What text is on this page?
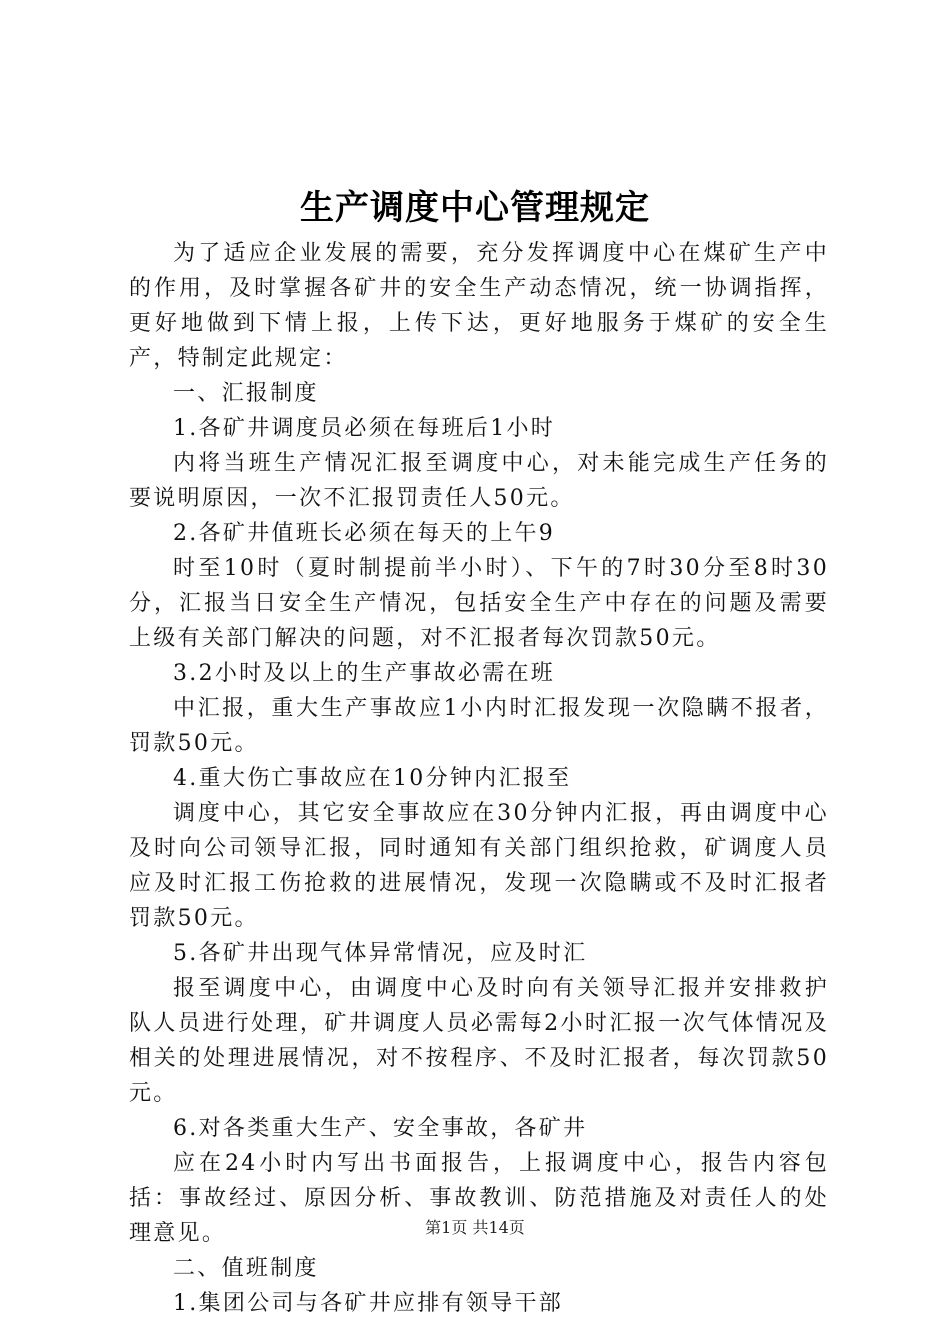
生产调度中心管理规定

为了适应企业发展的需要，充分发挥调度中心在煤矿生产中的作用，及时掌握各矿井的安全生产动态情况，统一协调指挥，更好地做到下情上报，上传下达，更好地服务于煤矿的安全生产，特制定此规定：

一、汇报制度

1.各矿井调度员必须在每班后1小时

内将当班生产情况汇报至调度中心，对未能完成生产任务的要说明原因，一次不汇报罚责任人50元。

2.各矿井值班长必须在每天的上午9

时至10时（夏时制提前半小时）、下午的7时30分至8时30分，汇报当日安全生产情况，包括安全生产中存在的问题及需要上级有关部门解决的问题，对不汇报者每次罚款50元。

3.2小时及以上的生产事故必需在班

中汇报，重大生产事故应1小内时汇报发现一次隐瞒不报者，罚款50元。

4.重大伤亡事故应在10分钟内汇报至

调度中心，其它安全事故应在30分钟内汇报，再由调度中心及时向公司领导汇报，同时通知有关部门组织抢救，矿调度人员应及时汇报工伤抢救的进展情况，发现一次隐瞒或不及时汇报者罚款50元。

5.各矿井出现气体异常情况，应及时汇

报至调度中心，由调度中心及时向有关领导汇报并安排救护队人员进行处理，矿井调度人员必需每2小时汇报一次气体情况及相关的处理进展情况，对不按程序、不及时汇报者，每次罚款50元。

6.对各类重大生产、安全事故，各矿井

应在24小时内写出书面报告，上报调度中心，报告内容包括：事故经过、原因分析、事故教训、防范措施及对责任人的处理意见。

二、值班制度

1.集团公司与各矿井应排有领导干部

第1页 共14页
